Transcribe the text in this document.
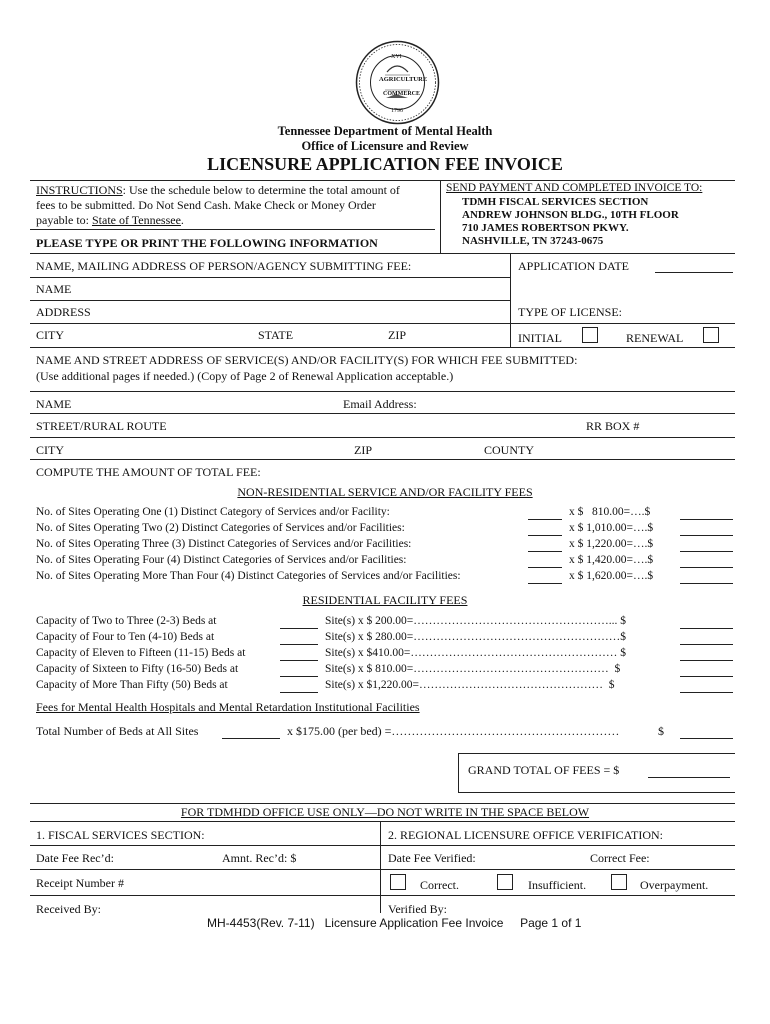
XVI
AGRICULTURE
COMMERCE
1796
Tennessee Department of Mental Health
Office of Licensure and Review
LICENSURE APPLICATION FEE INVOICE
INSTRUCTIONS: Use the schedule below to determine the total amount of
fees to be submitted. Do Not Send Cash. Make Check or Money Order
payable to: State of Tennessee.
PLEASE TYPE OR PRINT THE FOLLOWING INFORMATION
SEND PAYMENT AND COMPLETED INVOICE TO:
TDMH FISCAL SERVICES SECTION
ANDREW JOHNSON BLDG., 10TH FLOOR
710 JAMES ROBERTSON PKWY.
NASHVILLE, TN 37243-0675
NAME, MAILING ADDRESS OF PERSON/AGENCY SUBMITTING FEE:	APPLICATION DATE
NAME
ADDRESS	TYPE OF LICENSE:
CITY	STATE	ZIP	INITIAL	RENEWAL
NAME AND STREET ADDRESS OF SERVICE(S) AND/OR FACILITY(S) FOR WHICH FEE SUBMITTED:
(Use additional pages if needed.) (Copy of Page 2 of Renewal Application acceptable.)
NAME	Email Address:
STREET/RURAL ROUTE	RR BOX #
CITY	ZIP	COUNTY
COMPUTE THE AMOUNT OF TOTAL FEE:
NON-RESIDENTIAL SERVICE AND/OR FACILITY FEES
No. of Sites Operating One (1) Distinct Category of Services and/or Facility:	x $   810.00=….$
No. of Sites Operating Two (2) Distinct Categories of Services and/or Facilities:	x $ 1,010.00=….$
No. of Sites Operating Three (3) Distinct Categories of Services and/or Facilities:	x $ 1,220.00=….$
No. of Sites Operating Four (4) Distinct Categories of Services and/or Facilities:	x $ 1,420.00=….$
No. of Sites Operating More Than Four (4) Distinct Categories of Services and/or Facilities:	x $ 1,620.00=….$
RESIDENTIAL FACILITY FEES
Capacity of Two to Three (2-3) Beds at	Site(s) x $ 200.00=……………………………………………... $
Capacity of Four to Ten (4-10) Beds at	Site(s) x $ 280.00=………………………………………………$
Capacity of Eleven to Fifteen (11-15) Beds at	Site(s) x $410.00=……………………………………………… $
Capacity of Sixteen to Fifty (16-50) Beds at	Site(s) x $ 810.00=……………………………………………  $
Capacity of More Than Fifty (50) Beds at	Site(s) x $1,220.00=…………………………………………  $
Fees for Mental Health Hospitals and Mental Retardation Institutional Facilities
Total Number of Beds at All Sites	x $175.00 (per bed) =…………………………………………………	$
GRAND TOTAL OF FEES = $
FOR TDMHDD OFFICE USE ONLY—DO NOT WRITE IN THE SPACE BELOW
1. FISCAL SERVICES SECTION:	2. REGIONAL LICENSURE OFFICE VERIFICATION:
Date Fee Rec’d:	Amnt. Rec’d: $	Date Fee Verified:	Correct Fee:
Receipt Number #	Correct.	Insufficient.	Overpayment.
Received By:	Verified By:
MH-4453(Rev. 7-11) Licensure Application Fee Invoice Page 1 of 1
